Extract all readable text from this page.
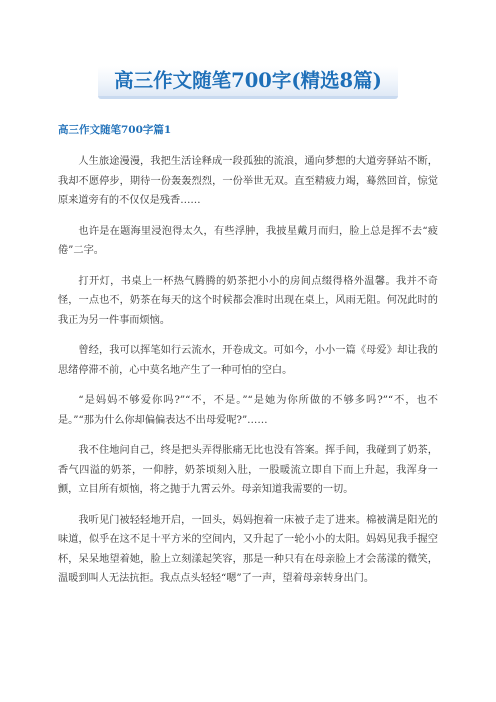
高三作文随笔700字(精选8篇)
高三作文随笔700字篇1

人生旅途漫漫，我把生活诠释成一段孤独的流浪，通向梦想的大道旁驿站不断，我却不愿停步，期待一份轰轰烈烈，一份举世无双。直至精疲力竭，蓦然回首，惊觉原来道旁有的不仅仅是残香……

也许是在题海里浸泡得太久，有些浮肿，我披星戴月而归，脸上总是挥不去“疲倦”二字。

打开灯，书桌上一杯热气腾腾的奶茶把小小的房间点缀得格外温馨。我并不奇怪，一点也不，奶茶在每天的这个时候都会准时出现在桌上，风雨无阻。何况此时的我正为另一件事而烦恼。

曾经，我可以挥笔如行云流水，开卷成文。可如今，小小一篇《母爱》却让我的思绪停滞不前，心中莫名地产生了一种可怕的空白。

“是妈妈不够爱你吗?”“不，不是。”“是她为你所做的不够多吗?”“不，也不是。”“那为什么你却偏偏表达不出母爱呢?”……

我不住地问自己，终是把头弄得胀痛无比也没有答案。挥手间，我碰到了奶茶，香气四溢的奶茶，一仰脖，奶茶顷刻入肚，一股暖流立即自下而上升起，我浑身一颤，立目所有烦恼，将之抛于九霄云外。母亲知道我需要的一切。

我听见门被轻轻地开启，一回头，妈妈抱着一床被子走了进来。棉被满是阳光的味道，似乎在这不足十平方米的空间内，又升起了一轮小小的太阳。妈妈见我手握空杯，呆呆地望着她，脸上立刻漾起笑容，那是一种只有在母亲脸上才会荡漾的微笑，温暖到叫人无法抗拒。我点点头轻轻“嗯”了一声，望着母亲转身出门。
